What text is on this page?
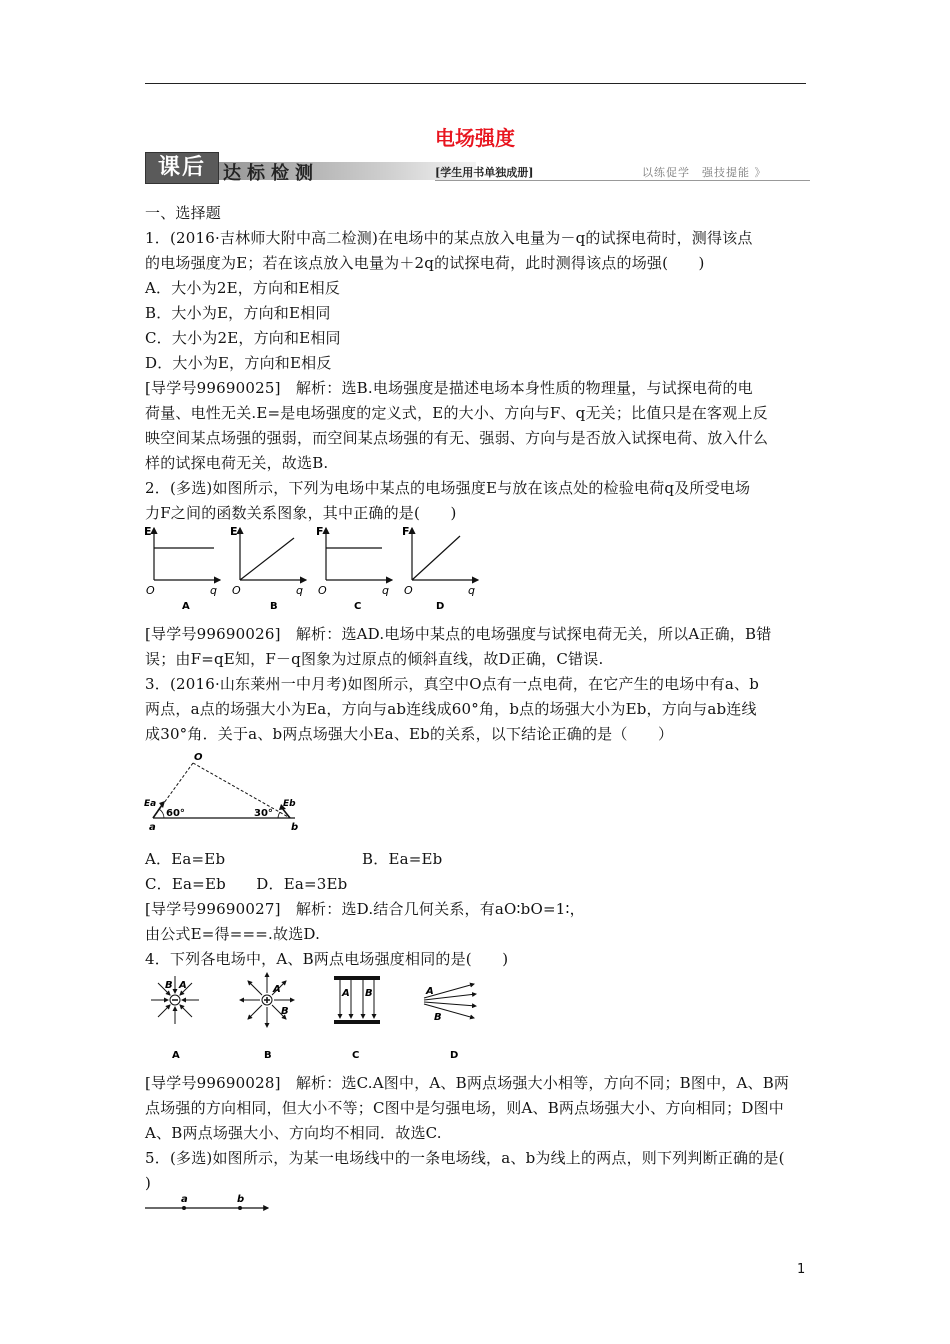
电场强度
课后 达标检测	[学生用书单独成册]	以练促学　强技提能 》
一、选择题
1．(2016·吉林师大附中高二检测)在电场中的某点放入电量为－q的试探电荷时，测得该点
的电场强度为E；若在该点放入电量为＋2q的试探电荷，此时测得该点的场强(　　)
A．大小为2E，方向和E相反
B．大小为E，方向和E相同
C．大小为2E，方向和E相同
D．大小为E，方向和E相反
[导学号99690025]　解析：选B.电场强度是描述电场本身性质的物理量，与试探电荷的电
荷量、电性无关.E=是电场强度的定义式，E的大小、方向与F、q无关；比值只是在客观上反
映空间某点场强的强弱，而空间某点场强的有无、强弱、方向与是否放入试探电荷、放入什么
样的试探电荷无关，故选B.
2．(多选)如图所示，下列为电场中某点的电场强度E与放在该点处的检验电荷q及所受电场
力F之间的函数关系图象，其中正确的是(　　)
E
q
O
A
E
q
O
B
F
q
O
C
F
q
O
D
[导学号99690026]　解析：选AD.电场中某点的电场强度与试探电荷无关，所以A正确，B错
误；由F=qE知，F－q图象为过原点的倾斜直线，故D正确，C错误.
3．(2016·山东莱州一中月考)如图所示，真空中O点有一点电荷，在它产生的电场中有a、b
两点，a点的场强大小为Ea，方向与ab连线成60°角，b点的场强大小为Eb，方向与ab连线
成30°角．关于a、b两点场强大小Ea、Eb的关系，以下结论正确的是（　　）
O
a	b
Ea	Eb
60°	30°
A．Ea=Eb　　　　　　　　　B．Ea=Eb
C．Ea=Eb　　D．Ea=3Eb
[导学号99690027]　解析：选D.结合几何关系，有aO∶bO=1∶，
由公式E=得===.故选D.
4．下列各电场中，A、B两点电场强度相同的是(　　)
B A
A
A
B
B
A B
C
A
B
D
[导学号99690028]　解析：选C.A图中，A、B两点场强大小相等，方向不同；B图中，A、B两
点场强的方向相同，但大小不等；C图中是匀强电场，则A、B两点场强大小、方向相同；D图中
A、B两点场强大小、方向均不相同．故选C.
5．(多选)如图所示，为某一电场线中的一条电场线，a、b为线上的两点，则下列判断正确的是(
)
a	b
1
